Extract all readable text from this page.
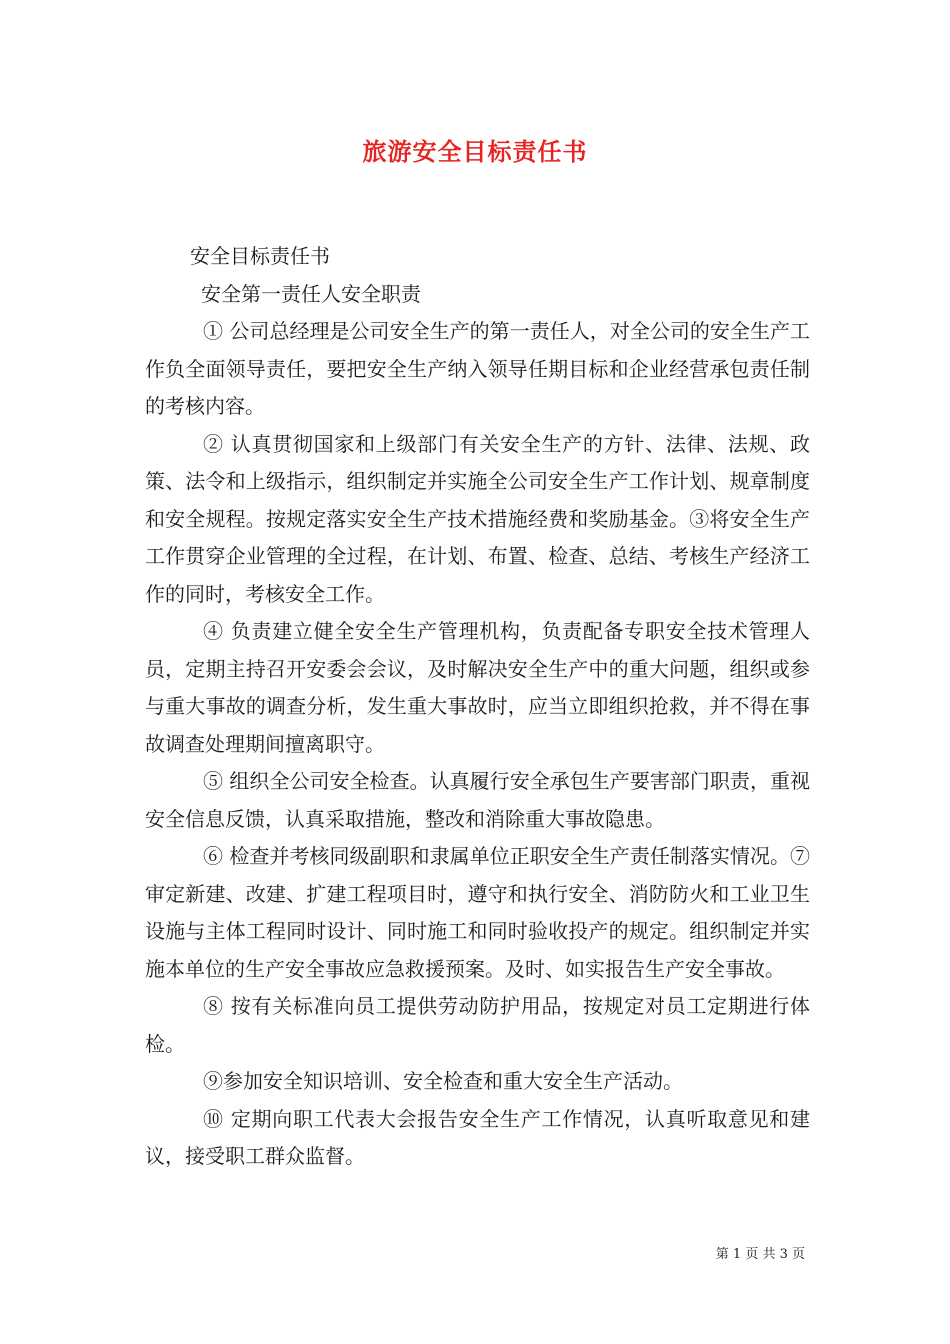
旅游安全目标责任书

安全目标责任书

安全第一责任人安全职责

① 公司总经理是公司安全生产的第一责任人，对全公司的安全生产工作负全面领导责任，要把安全生产纳入领导任期目标和企业经营承包责任制的考核内容。

② 认真贯彻国家和上级部门有关安全生产的方针、法律、法规、政策、法令和上级指示，组织制定并实施全公司安全生产工作计划、规章制度和安全规程。按规定落实安全生产技术措施经费和奖励基金。③将安全生产工作贯穿企业管理的全过程，在计划、布置、检查、总结、考核生产经济工作的同时，考核安全工作。

④ 负责建立健全安全生产管理机构，负责配备专职安全技术管理人员，定期主持召开安委会会议，及时解决安全生产中的重大问题，组织或参与重大事故的调查分析，发生重大事故时，应当立即组织抢救，并不得在事故调查处理期间擅离职守。

⑤ 组织全公司安全检查。认真履行安全承包生产要害部门职责，重视安全信息反馈，认真采取措施，整改和消除重大事故隐患。

⑥ 检查并考核同级副职和隶属单位正职安全生产责任制落实情况。⑦审定新建、改建、扩建工程项目时，遵守和执行安全、消防防火和工业卫生设施与主体工程同时设计、同时施工和同时验收投产的规定。组织制定并实施本单位的生产安全事故应急救援预案。及时、如实报告生产安全事故。

⑧ 按有关标准向员工提供劳动防护用品，按规定对员工定期进行体检。

⑨参加安全知识培训、安全检查和重大安全生产活动。

⑩ 定期向职工代表大会报告安全生产工作情况，认真听取意见和建议，接受职工群众监督。

第 1 页 共 3 页
